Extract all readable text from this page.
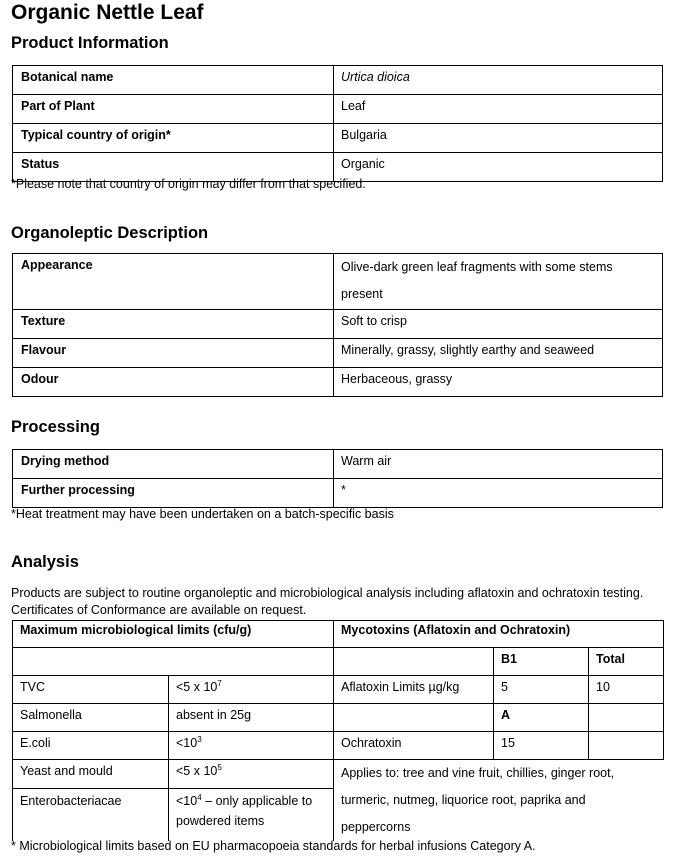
Organic Nettle Leaf
Product Information
Botanical name	Urtica dioica
Part of Plant	Leaf
Typical country of origin*	Bulgaria
Status	Organic

*Please note that country of origin may differ from that specified.

Organoleptic Description
Appearance	Olive-dark green leaf fragments with some stems present
Texture	Soft to crisp
Flavour	Minerally, grassy, slightly earthy and seaweed
Odour	Herbaceous, grassy
Processing
Drying method	Warm air
Further processing	*

*Heat treatment may have been undertaken on a batch-specific basis

Analysis

Products are subject to routine organoleptic and microbiological analysis including aflatoxin and ochratoxin testing. Certificates of Conformance are available on request.

Maximum microbiological limits (cfu/g)		Mycotoxins (Aflatoxin and Ochratoxin)		
			B1	Total
TVC	<5 x $10^7$	Aflatoxin Limits µg/kg	5	10
Salmonella	absent in 25g		A	
E.coli	$<10^3$	Ochratoxin	15	
Yeast and mould	<5 x $10^5$	Applies to: tree and vine fruit, chillies, ginger root, turmeric, nutmeg, liquorice root, paprika and peppercorns		
Enterobacteriacae	$<10^4$ – only applicable to powdered items			

* Microbiological limits based on EU pharmacopoeia standards for herbal infusions Category A.
